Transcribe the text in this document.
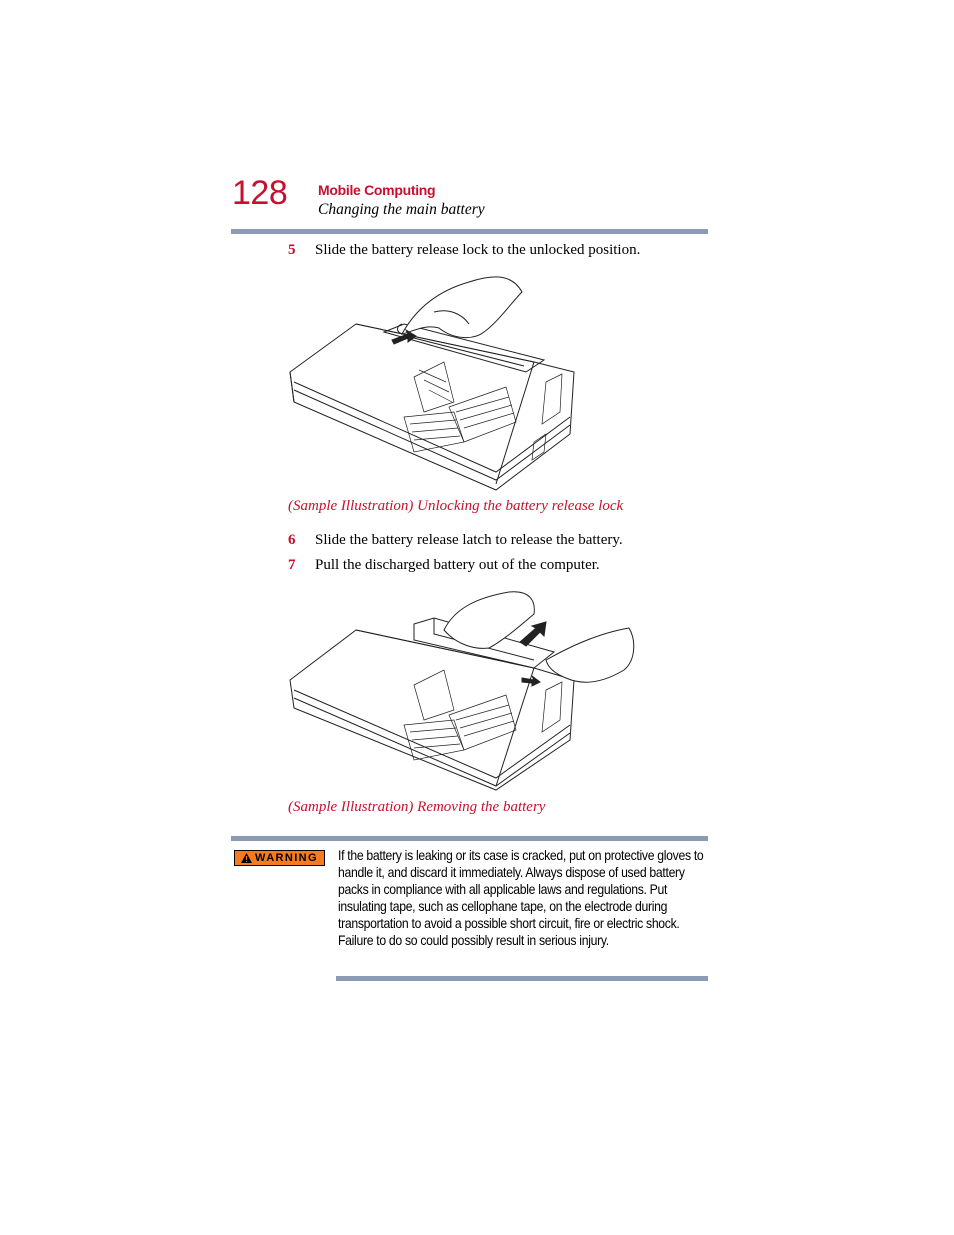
128 Mobile Computing
Changing the main battery
5 Slide the battery release lock to the unlocked position.
(Sample Illustration) Unlocking the battery release lock
6 Slide the battery release latch to release the battery.
7 Pull the discharged battery out of the computer.
(Sample Illustration) Removing the battery
WARNING If the battery is leaking or its case is cracked, put on protective gloves to handle it, and discard it immediately. Always dispose of used battery packs in compliance with all applicable laws and regulations. Put insulating tape, such as cellophane tape, on the electrode during transportation to avoid a possible short circuit, fire or electric shock. Failure to do so could possibly result in serious injury.
